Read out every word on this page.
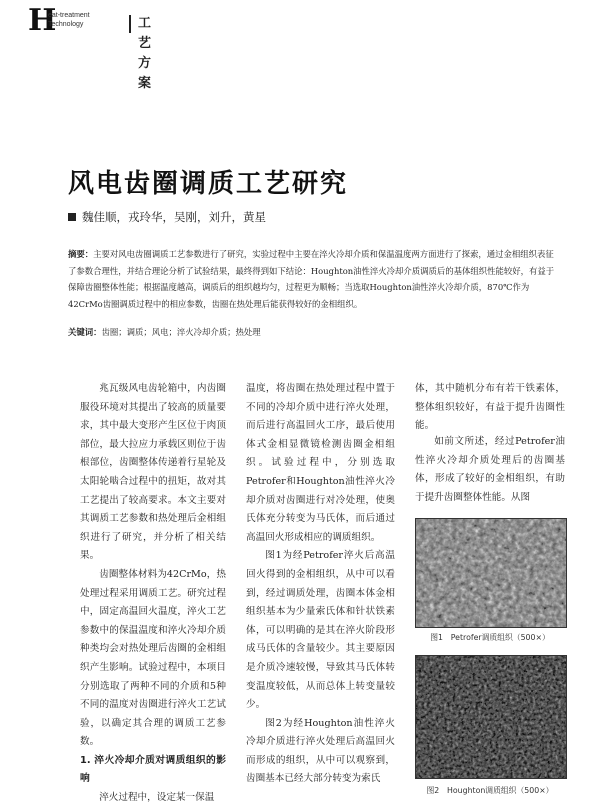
H
eat-treatment
Technology	工艺方案
风电齿圈调质工艺研究
魏佳顺，戎玲华，吴刚，刘升，黄星
摘要：主要对风电齿圈调质工艺参数进行了研究，实验过程中主要在淬火冷却介质和保温温度两方面进行了探索，通过金相组织表征了参数合理性，并结合理论分析了试验结果，最终得到如下结论：Houghton油性淬火冷却介质调质后的基体组织性能较好，有益于保障齿圈整体性能；根据温度越高，调质后的组织越均匀，过程更为顺畅；当选取Houghton油性淬火冷却介质，870℃作为42CrMo齿圈调质过程中的相应参数，齿圈在热处理后能获得较好的金相组织。
关键词：齿圈；调质；风电；淬火冷却介质；热处理

兆瓦级风电齿轮箱中，内齿圈服役环境对其提出了较高的质量要求，其中最大变形产生区位于肉顶部位，最大拉应力承载区则位于齿根部位，齿圈整体传递着行星轮及太阳轮啮合过程中的扭矩，故对其工艺提出了较高要求。本文主要对其调质工艺参数和热处理后金相组织进行了研究，并分析了相关结果。

齿圈整体材料为42CrMo，热处理过程采用调质工艺。研究过程中，固定高温回火温度，淬火工艺参数中的保温温度和淬火冷却介质种类均会对热处理后齿圈的金相组织产生影响。试验过程中，本项目分别选取了两种不同的介质和5种不同的温度对齿圈进行淬火工艺试验，以确定其合理的调质工艺参数。

1. 淬火冷却介质对调质组织的影响

淬火过程中，设定某一保温

温度，将齿圈在热处理过程中置于不同的冷却介质中进行淬火处理，而后进行高温回火工序，最后使用体式金相显微镜检测齿圈金相组织。试验过程中，分别选取Petrofer和Houghton油性淬火冷却介质对齿圈进行对冷处理，使奥氏体充分转变为马氏体，而后通过高温回火形成相应的调质组织。

图1为经Petrofer淬火后高温回火得到的金相组织，从中可以看到，经过调质处理，齿圈本体金相组织基本为少量索氏体和针状铁素体，可以明确的是其在淬火阶段形成马氏体的含量较少。其主要原因是介质冷速较慢，导致其马氏体转变温度较低，从而总体上转变量较少。

图2为经Houghton油性淬火冷却介质进行淬火处理后高温回火而形成的组织，从中可以观察到，齿圈基本已经大部分转变为索氏

体，其中随机分布有若干铁素体，整体组织较好，有益于提升齿圈性能。

如前文所述，经过Petrofer油性淬火冷却介质处理后的齿圈基体，形成了较好的金相组织，有助于提升齿圈整体性能。从图

图1　Petrofer调质组织（500×）
图2　Houghton调质组织（500×）
